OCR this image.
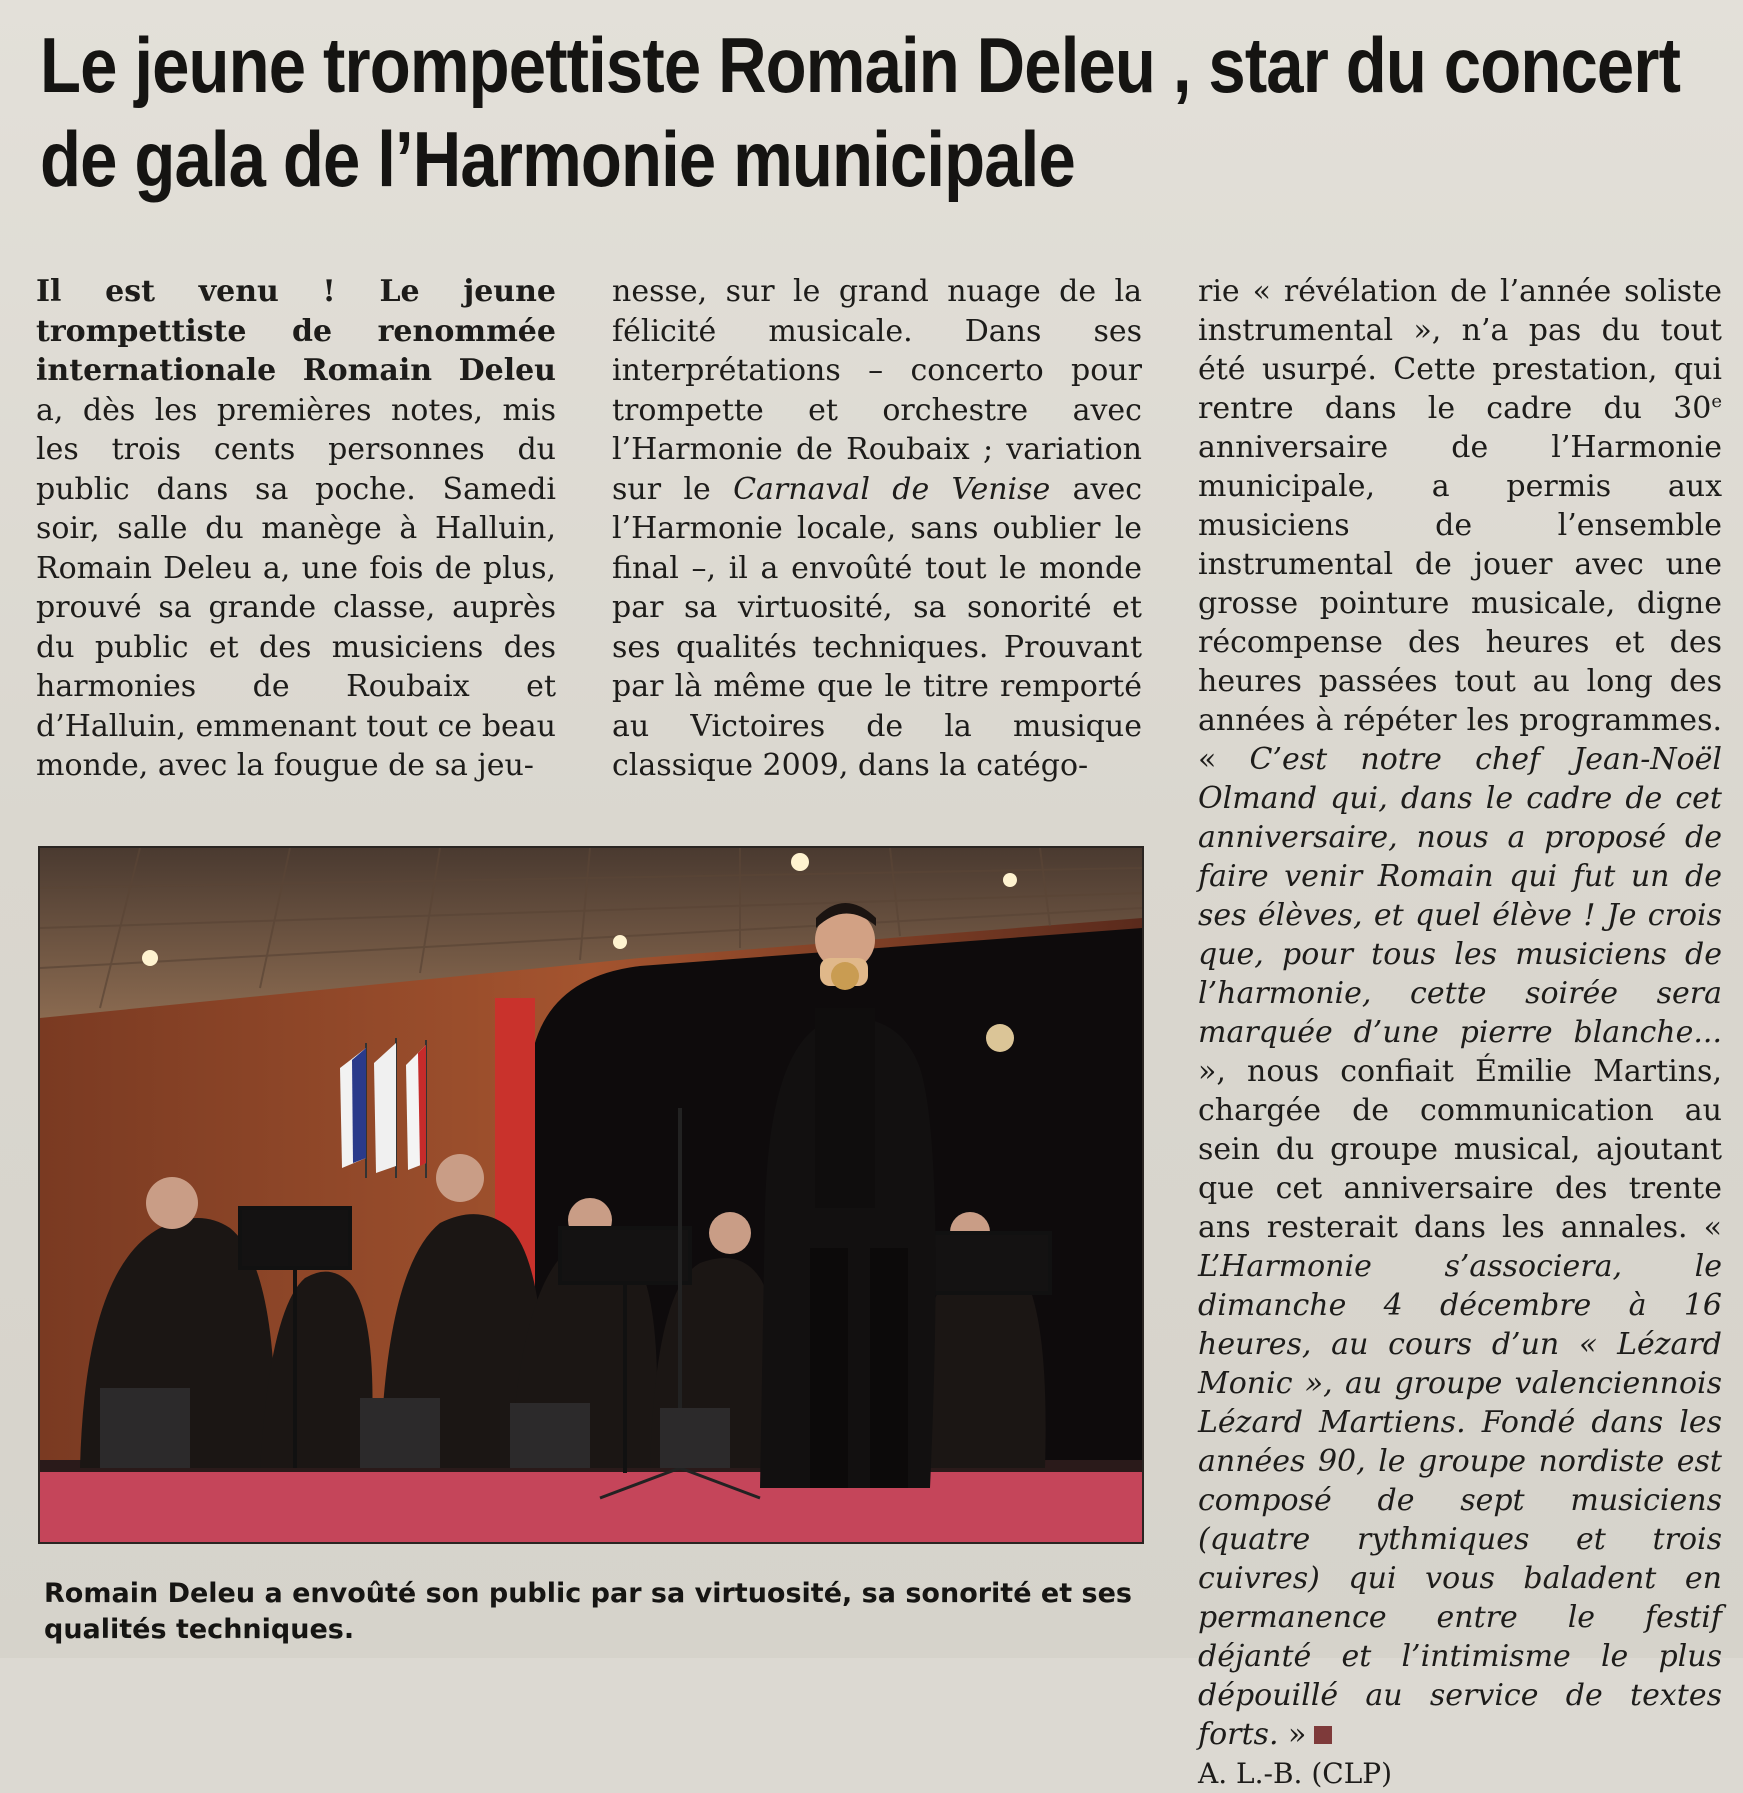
Le jeune trompettiste Romain Deleu , star du concert de gala de l’Harmonie municipale

Il est venu ! Le jeune trompettiste de renommée internationale Romain Deleu a, dès les premières notes, mis les trois cents personnes du public dans sa poche. Samedi soir, salle du manège à Halluin, Romain Deleu a, une fois de plus, prouvé sa grande classe, auprès du public et des musiciens des harmonies de Roubaix et d’Halluin, emmenant tout ce beau monde, avec la fougue de sa jeu-

nesse, sur le grand nuage de la félicité musicale. Dans ses interprétations – concerto pour trompette et orchestre avec l’Harmonie de Roubaix ; variation sur le Carnaval de Venise avec l’Harmonie locale, sans oublier le final –, il a envoûté tout le monde par sa virtuosité, sa sonorité et ses qualités techniques. Prouvant par là même que le titre remporté au Victoires de la musique classique 2009, dans la catégo-

rie « révélation de l’année soliste instrumental », n’a pas du tout été usurpé. Cette prestation, qui rentre dans le cadre du 30e anniversaire de l’Harmonie municipale, a permis aux musiciens de l’ensemble instrumental de jouer avec une grosse pointure musicale, digne récompense des heures et des heures passées tout au long des années à répéter les programmes. « C’est notre chef Jean-Noël Olmand qui, dans le cadre de cet anniversaire, nous a proposé de faire venir Romain qui fut un de ses élèves, et quel élève ! Je crois que, pour tous les musiciens de l’harmonie, cette soirée sera marquée d’une pierre blanche... », nous confiait Émilie Martins, chargée de communication au sein du groupe musical, ajoutant que cet anniversaire des trente ans resterait dans les annales. « L’Harmonie s’associera, le dimanche 4 décembre à 16 heures, au cours d’un « Lézard Monic », au groupe valenciennois Lézard Martiens. Fondé dans les années 90, le groupe nordiste est composé de sept musiciens (quatre rythmiques et trois cuivres) qui vous baladent en permanence entre le festif déjanté et l’intimisme le plus dépouillé au service de textes forts. »

A. L.-B. (CLP)

Romain Deleu a envoûté son public par sa virtuosité, sa sonorité et ses qualités techniques.
